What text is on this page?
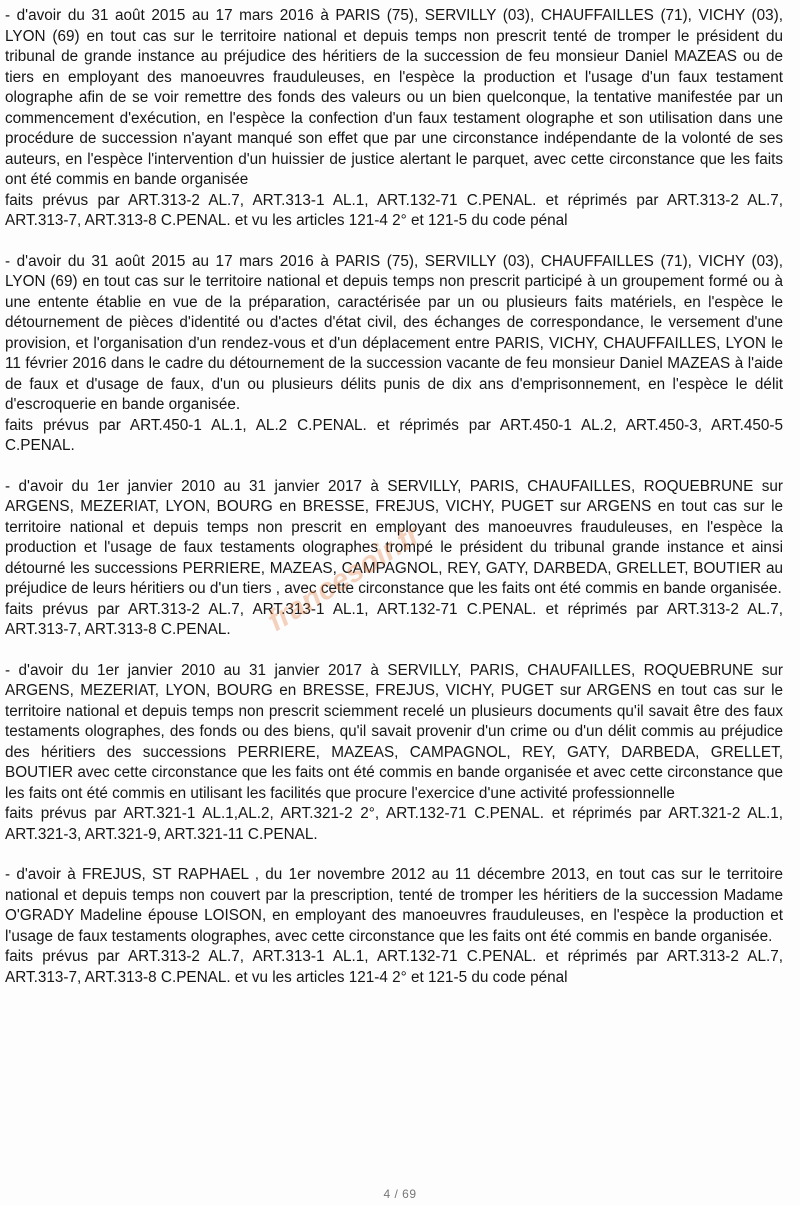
- d'avoir du 31 août 2015 au 17 mars 2016 à PARIS (75), SERVILLY (03), CHAUFFAILLES (71), VICHY (03), LYON (69) en tout cas sur le territoire national et depuis temps non prescrit tenté de tromper le président du tribunal de grande instance au préjudice des héritiers de la succession de feu monsieur Daniel MAZEAS ou de tiers en employant des manoeuvres frauduleuses, en l'espèce la production et l'usage d'un faux testament olographe afin de se voir remettre des fonds des valeurs ou un bien quelconque, la tentative manifestée par un commencement d'exécution, en l'espèce la confection d'un faux testament olographe et son utilisation dans une procédure de succession n'ayant manqué son effet que par une circonstance indépendante de la volonté de ses auteurs, en l'espèce l'intervention d'un huissier de justice alertant le parquet, avec cette circonstance que les faits ont été commis en bande organisée
faits prévus par ART.313-2 AL.7, ART.313-1 AL.1, ART.132-71 C.PENAL. et réprimés par ART.313-2 AL.7, ART.313-7, ART.313-8 C.PENAL. et vu les articles 121-4 2° et 121-5 du code pénal
- d'avoir du 31 août 2015 au 17 mars 2016 à PARIS (75), SERVILLY (03), CHAUFFAILLES (71), VICHY (03), LYON (69) en tout cas sur le territoire national et depuis temps non prescrit participé à un groupement formé ou à une entente établie en vue de la préparation, caractérisée par un ou plusieurs faits matériels, en l'espèce le détournement de pièces d'identité ou d'actes d'état civil, des échanges de correspondance, le versement d'une provision, et l'organisation d'un rendez-vous et d'un déplacement entre PARIS, VICHY, CHAUFFAILLES, LYON le 11 février 2016 dans le cadre du détournement de la succession vacante de feu monsieur Daniel MAZEAS à l'aide de faux et d'usage de faux, d'un ou plusieurs délits punis de dix ans d'emprisonnement, en l'espèce le délit d'escroquerie en bande organisée.
faits prévus par ART.450-1 AL.1, AL.2 C.PENAL. et réprimés par ART.450-1 AL.2, ART.450-3, ART.450-5 C.PENAL.
- d'avoir du 1er janvier 2010 au 31 janvier 2017 à SERVILLY, PARIS, CHAUFAILLES, ROQUEBRUNE sur ARGENS, MEZERIAT, LYON, BOURG en BRESSE, FREJUS, VICHY, PUGET sur ARGENS en tout cas sur le territoire national et depuis temps non prescrit en employant des manoeuvres frauduleuses, en l'espèce la production et l'usage de faux testaments olographes trompé le président du tribunal grande instance et ainsi détourné les successions PERRIERE, MAZEAS, CAMPAGNOL, REY, GATY, DARBEDA, GRELLET, BOUTIER au préjudice de leurs héritiers ou d'un tiers , avec cette circonstance que les faits ont été commis en bande organisée.
faits prévus par ART.313-2 AL.7, ART.313-1 AL.1, ART.132-71 C.PENAL. et réprimés par ART.313-2 AL.7, ART.313-7, ART.313-8 C.PENAL.
- d'avoir du 1er janvier 2010 au 31 janvier 2017 à SERVILLY, PARIS, CHAUFAILLES, ROQUEBRUNE sur ARGENS, MEZERIAT, LYON, BOURG en BRESSE, FREJUS, VICHY, PUGET sur ARGENS en tout cas sur le territoire national et depuis temps non prescrit sciemment recelé un plusieurs documents qu'il savait être des faux testaments olographes, des fonds ou des biens, qu'il savait provenir d'un crime ou d'un délit commis au préjudice des héritiers des successions PERRIERE, MAZEAS, CAMPAGNOL, REY, GATY, DARBEDA, GRELLET, BOUTIER avec cette circonstance que les faits ont été commis en bande organisée et avec cette circonstance que les faits ont été commis en utilisant les facilités que procure l'exercice d'une activité professionnelle
faits prévus par ART.321-1 AL.1,AL.2, ART.321-2 2°, ART.132-71 C.PENAL. et réprimés par ART.321-2 AL.1, ART.321-3, ART.321-9, ART.321-11 C.PENAL.
- d'avoir à FREJUS, ST RAPHAEL , du 1er novembre 2012 au 11 décembre 2013, en tout cas sur le territoire national et depuis temps non couvert par la prescription, tenté de tromper les héritiers de la succession Madame O'GRADY Madeline épouse LOISON, en employant des manoeuvres frauduleuses, en l'espèce la production et l'usage de faux testaments olographes, avec cette circonstance que les faits ont été commis en bande organisée.
faits prévus par ART.313-2 AL.7, ART.313-1 AL.1, ART.132-71 C.PENAL. et réprimés par ART.313-2 AL.7, ART.313-7, ART.313-8 C.PENAL. et vu les articles 121-4 2° et 121-5 du code pénal
francesoir.fr
4 / 69
